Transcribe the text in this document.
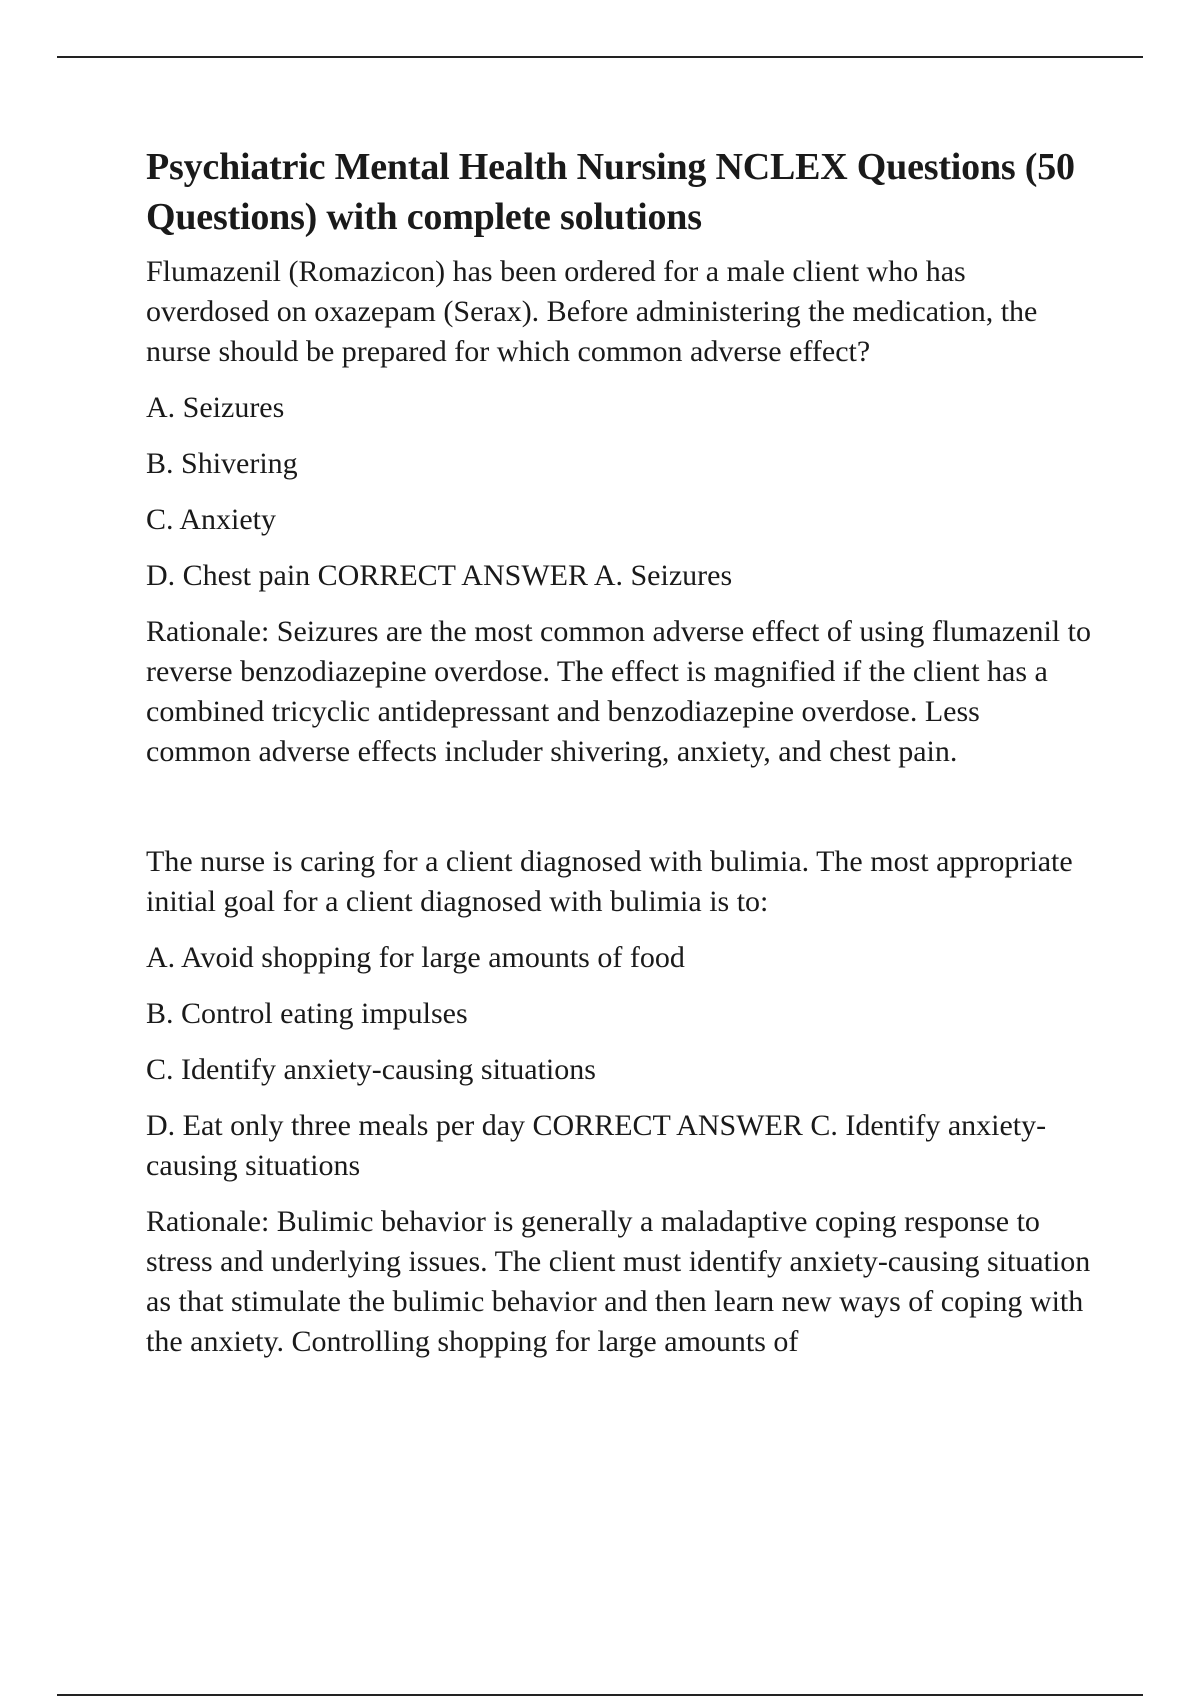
Psychiatric Mental Health Nursing NCLEX Questions (50 Questions) with complete solutions

Flumazenil (Romazicon) has been ordered for a male client who has overdosed on oxazepam (Serax). Before administering the medication, the nurse should be prepared for which common adverse effect?

A. Seizures

B. Shivering

C. Anxiety

D. Chest pain CORRECT ANSWER A. Seizures

Rationale: Seizures are the most common adverse effect of using flumazenil to reverse benzodiazepine overdose. The effect is magnified if the client has a combined tricyclic antidepressant and benzodiazepine overdose. Less common adverse effects includer shivering, anxiety, and chest pain.

The nurse is caring for a client diagnosed with bulimia. The most appropriate initial goal for a client diagnosed with bulimia is to:

A. Avoid shopping for large amounts of food

B. Control eating impulses

C. Identify anxiety-causing situations

D. Eat only three meals per day CORRECT ANSWER C. Identify anxiety-causing situations

Rationale: Bulimic behavior is generally a maladaptive coping response to stress and underlying issues. The client must identify anxiety-causing situation as that stimulate the bulimic behavior and then learn new ways of coping with the anxiety. Controlling shopping for large amounts of
